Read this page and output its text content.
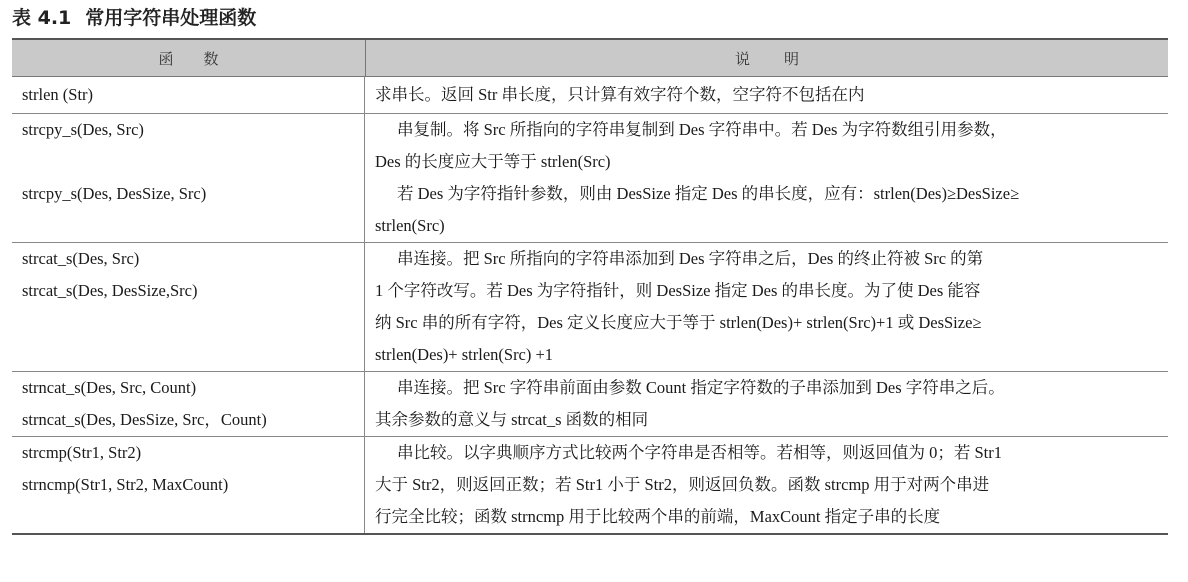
表 4.1 常用字符串处理函数
函数	说明
strlen (Str)	求串长。返回 Str 串长度，只计算有效字符个数，空字符不包括在内
strcpy_s(Des, Src)
strcpy_s(Des, DesSize, Src)
串复制。将 Src 所指向的字符串复制到 Des 字符串中。若 Des 为字符数组引用参数，
Des 的长度应大于等于 strlen(Src)
若 Des 为字符指针参数，则由 DesSize 指定 Des 的串长度，应有：strlen(Des)≥DesSize≥
strlen(Src)
strcat_s(Des, Src)
strcat_s(Des, DesSize,Src)
串连接。把 Src 所指向的字符串添加到 Des 字符串之后，Des 的终止符被 Src 的第
1 个字符改写。若 Des 为字符指针，则 DesSize 指定 Des 的串长度。为了使 Des 能容
纳 Src 串的所有字符，Des 定义长度应大于等于 strlen(Des)+ strlen(Src)+1 或 DesSize≥
strlen(Des)+ strlen(Src) +1
strncat_s(Des, Src, Count)
strncat_s(Des, DesSize, Src，Count)
串连接。把 Src 字符串前面由参数 Count 指定字符数的子串添加到 Des 字符串之后。
其余参数的意义与 strcat_s 函数的相同
strcmp(Str1, Str2)
strncmp(Str1, Str2, MaxCount)
串比较。以字典顺序方式比较两个字符串是否相等。若相等，则返回值为 0；若 Str1
大于 Str2，则返回正数；若 Str1 小于 Str2，则返回负数。函数 strcmp 用于对两个串进
行完全比较；函数 strncmp 用于比较两个串的前端，MaxCount 指定子串的长度
